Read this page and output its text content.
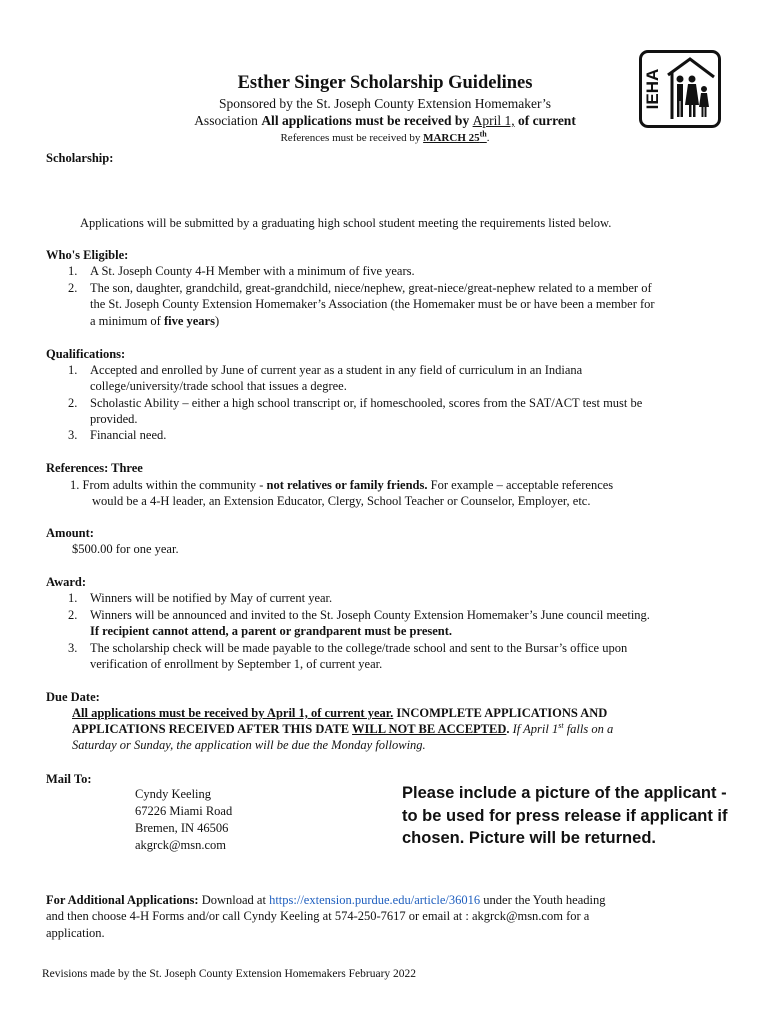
Esther Singer Scholarship Guidelines
Sponsored by the St. Joseph County Extension Homemaker’s
Association All applications must be received by April 1, of current
References must be received by MARCH 25th.
IEHA
Scholarship:
Applications will be submitted by a graduating high school student meeting the requirements listed below.
Who's Eligible:
1.	A St. Joseph County 4-H Member with a minimum of five years.
2.	The son, daughter, grandchild, great-grandchild, niece/nephew, great-niece/great-nephew related to a member of
the St. Joseph County Extension Homemaker’s Association (the Homemaker must be or have been a member for
a minimum of five years)
Qualifications:
1.	Accepted and enrolled by June of current year as a student in any field of curriculum in an Indiana
college/university/trade school that issues a degree.
2.	Scholastic Ability – either a high school transcript or, if homeschooled, scores from the SAT/ACT test must be
provided.
3.	Financial need.
References: Three
1. From adults within the community - not relatives or family friends. For example – acceptable references
would be a 4-H leader, an Extension Educator, Clergy, School Teacher or Counselor, Employer, etc.
Amount:
$500.00 for one year.
Award:
1.	Winners will be notified by May of current year.
2.	Winners will be announced and invited to the St. Joseph County Extension Homemaker’s June council meeting.
If recipient cannot attend, a parent or grandparent must be present.
3.	The scholarship check will be made payable to the college/trade school and sent to the Bursar’s office upon
verification of enrollment by September 1, of current year.
Due Date:
All applications must be received by April 1, of current year. INCOMPLETE APPLICATIONS AND
APPLICATIONS RECEIVED AFTER THIS DATE WILL NOT BE ACCEPTED. If April 1st falls on a
Saturday or Sunday, the application will be due the Monday following.
Mail To:
Cyndy Keeling
67226 Miami Road
Bremen, IN 46506
akgrck@msn.com
Please include a picture of the applicant - to be used for press release if applicant if chosen. Picture will be returned.
For Additional Applications: Download at https://extension.purdue.edu/article/36016 under the Youth heading
and then choose 4-H Forms and/or call Cyndy Keeling at 574-250-7617 or email at : akgrck@msn.com for a
application.
Revisions made by the St. Joseph County Extension Homemakers February 2022
